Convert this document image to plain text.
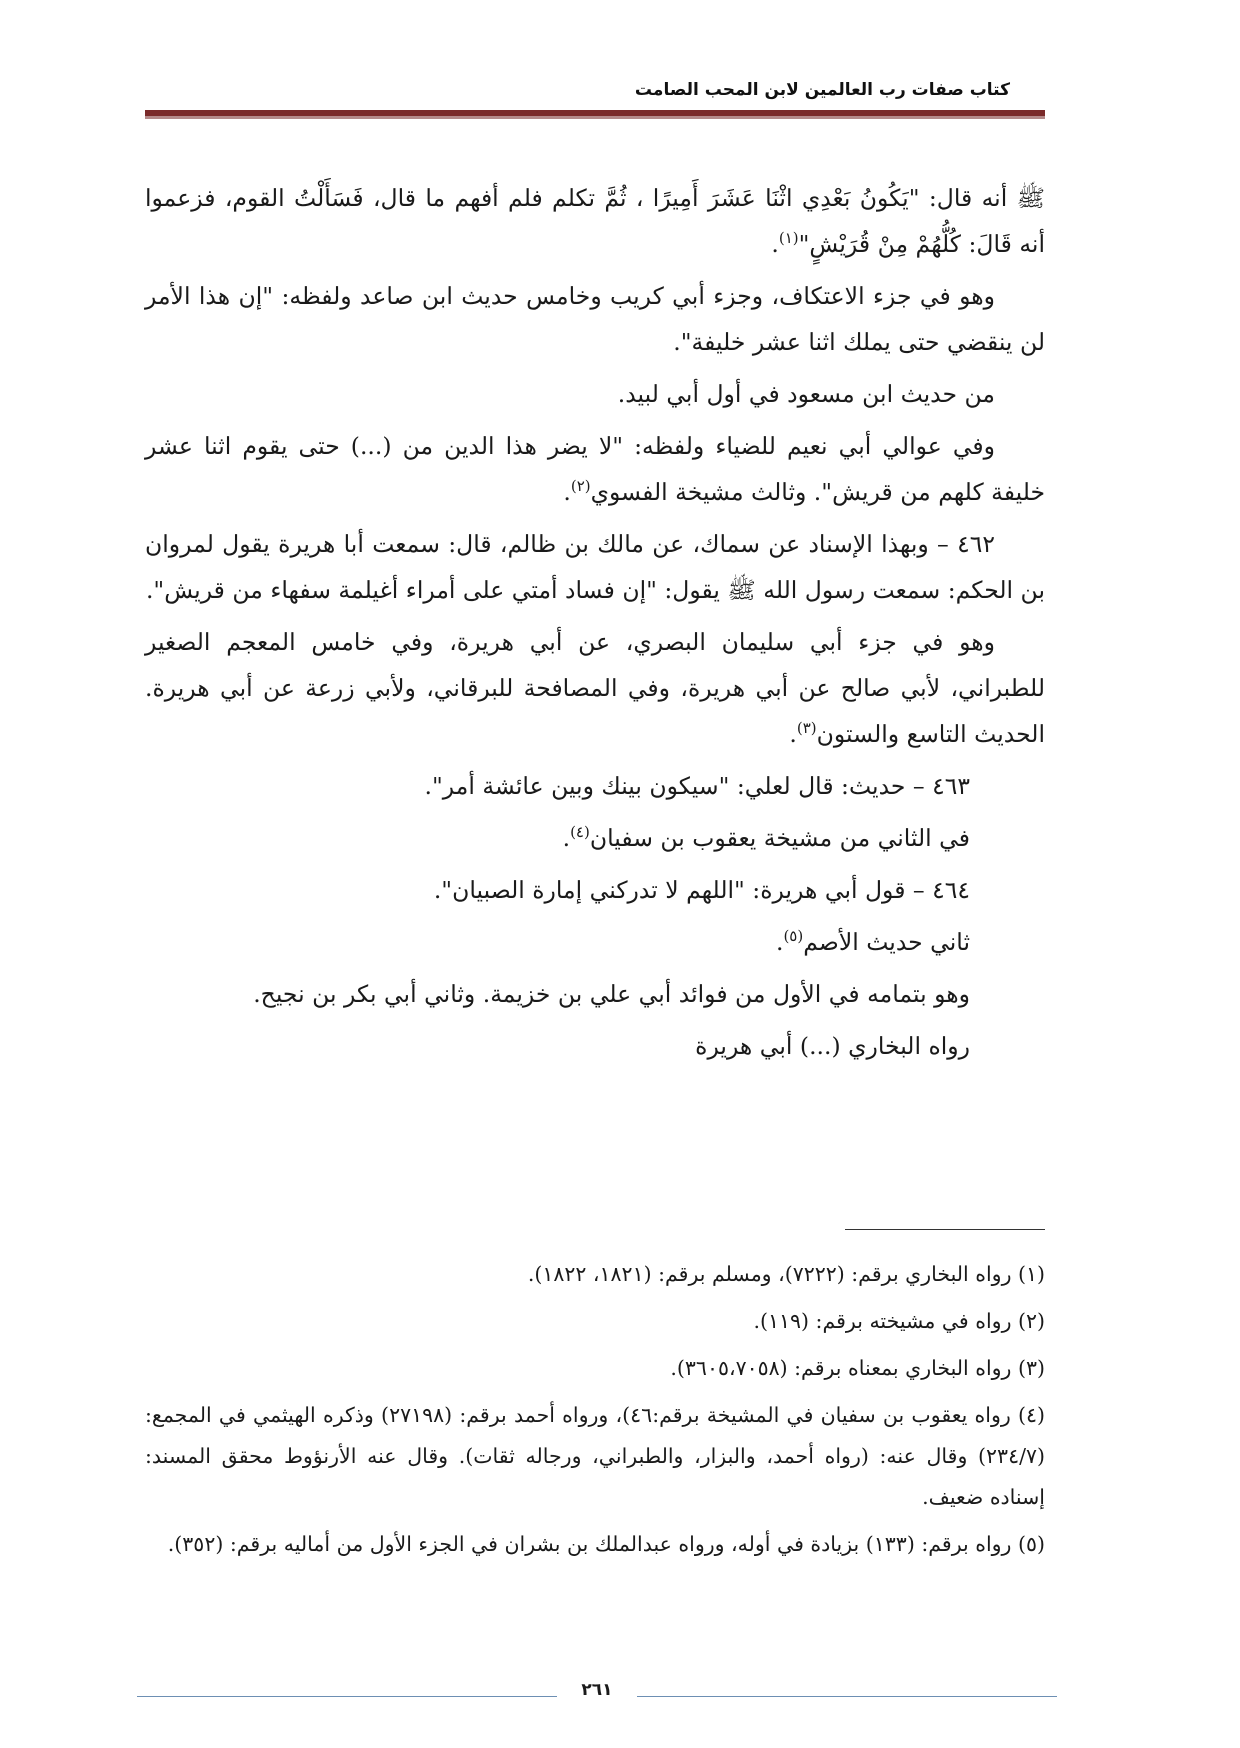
كتاب صفات رب العالمين لابن المحب الصامت

ﷺ أنه قال: "يَكُونُ بَعْدِي اثْنَا عَشَرَ أَمِيرًا ، ثُمَّ تكلم فلم أفهم ما قال، فَسَأَلْتُ القوم، فزعموا أنه قَالَ: كُلُّهُمْ مِنْ قُرَيْشٍ"$^{(١)}$.

وهو في جزء الاعتكاف، وجزء أبي كريب وخامس حديث ابن صاعد ولفظه: "إن هذا الأمر لن ينقضي حتى يملك اثنا عشر خليفة".

من حديث ابن مسعود في أول أبي لبيد.

وفي عوالي أبي نعيم للضياء ولفظه: "لا يضر هذا الدين من (...) حتى يقوم اثنا عشر خليفة كلهم من قريش". وثالث مشيخة الفسوي$^{(٢)}$.

٤٦٢ – وبهذا الإسناد عن سماك، عن مالك بن ظالم، قال: سمعت أبا هريرة يقول لمروان بن الحكم: سمعت رسول الله ﷺ يقول: "إن فساد أمتي على أمراء أغيلمة سفهاء من قريش".

وهو في جزء أبي سليمان البصري، عن أبي هريرة، وفي خامس المعجم الصغير للطبراني، لأبي صالح عن أبي هريرة، وفي المصافحة للبرقاني، ولأبي زرعة عن أبي هريرة. الحديث التاسع والستون$^{(٣)}$.

٤٦٣ – حديث: قال لعلي: "سيكون بينك وبين عائشة أمر".

في الثاني من مشيخة يعقوب بن سفيان$^{(٤)}$.

٤٦٤ – قول أبي هريرة: "اللهم لا تدركني إمارة الصبيان".

ثاني حديث الأصم$^{(٥)}$.

وهو بتمامه في الأول من فوائد أبي علي بن خزيمة. وثاني أبي بكر بن نجيح.

رواه البخاري (...) أبي هريرة

(١) رواه البخاري برقم: (٧٢٢٢)، ومسلم برقم: (١٨٢١، ١٨٢٢).

(٢) رواه في مشيخته برقم: (١١٩).

(٣) رواه البخاري بمعناه برقم: (٣٦٠٥،٧٠٥٨).

(٤) رواه يعقوب بن سفيان في المشيخة برقم:٤٦)، ورواه أحمد برقم: (٢٧١٩٨) وذكره الهيثمي في المجمع: (٢٣٤/٧) وقال عنه: (رواه أحمد، والبزار، والطبراني، ورجاله ثقات). وقال عنه الأرنؤوط محقق المسند: إسناده ضعيف.

(٥) رواه برقم: (١٣٣) بزيادة في أوله، ورواه عبدالملك بن بشران في الجزء الأول من أماليه برقم: (٣٥٢).

٢٦١
